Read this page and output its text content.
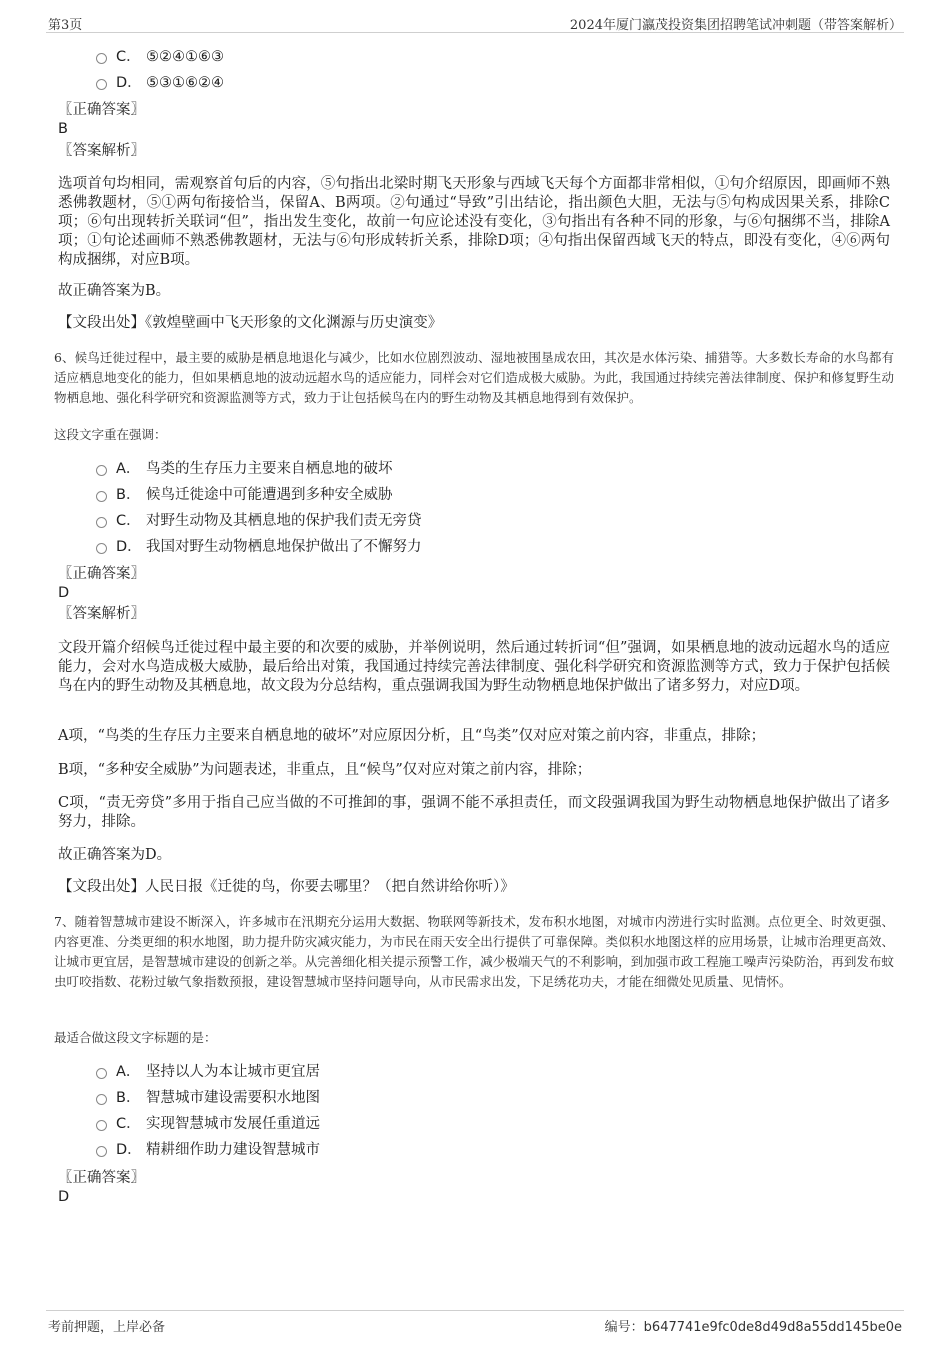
第3页	2024年厦门瀛茂投资集团招聘笔试冲刺题（带答案解析）
C． ⑤②④①⑥③
D． ⑤③①⑥②④
〖正确答案〗
B
〖答案解析〗
选项首句均相同，需观察首句后的内容，⑤句指出北梁时期飞天形象与西域飞天每个方面都非常相似，①句介绍原因，即画师不熟悉佛教题材，⑤①两句衔接恰当，保留A、B两项。②句通过“导致”引出结论，指出颜色大胆，无法与⑤句构成因果关系，排除C项；⑥句出现转折关联词“但”，指出发生变化，故前一句应论述没有变化，③句指出有各种不同的形象，与⑥句捆绑不当，排除A项；①句论述画师不熟悉佛教题材，无法与⑥句形成转折关系，排除D项；④句指出保留西域飞天的特点，即没有变化，④⑥两句构成捆绑，对应B项。
故正确答案为B。
【文段出处】《敦煌壁画中飞天形象的文化渊源与历史演变》
6、候鸟迁徙过程中，最主要的威胁是栖息地退化与减少，比如水位剧烈波动、湿地被围垦成农田，其次是水体污染、捕猎等。大多数长寿命的水鸟都有适应栖息地变化的能力，但如果栖息地的波动远超水鸟的适应能力，同样会对它们造成极大威胁。为此，我国通过持续完善法律制度、保护和修复野生动物栖息地、强化科学研究和资源监测等方式，致力于让包括候鸟在内的野生动物及其栖息地得到有效保护。
这段文字重在强调：
A． 鸟类的生存压力主要来自栖息地的破坏
B． 候鸟迁徙途中可能遭遇到多种安全威胁
C． 对野生动物及其栖息地的保护我们责无旁贷
D． 我国对野生动物栖息地保护做出了不懈努力
〖正确答案〗
D
〖答案解析〗
文段开篇介绍候鸟迁徙过程中最主要的和次要的威胁，并举例说明，然后通过转折词“但”强调，如果栖息地的波动远超水鸟的适应能力，会对水鸟造成极大威胁，最后给出对策，我国通过持续完善法律制度、强化科学研究和资源监测等方式，致力于保护包括候鸟在内的野生动物及其栖息地，故文段为分总结构，重点强调我国为野生动物栖息地保护做出了诸多努力，对应D项。
A项，“鸟类的生存压力主要来自栖息地的破坏”对应原因分析，且“鸟类”仅对应对策之前内容，非重点，排除；
B项，“多种安全威胁”为问题表述，非重点，且“候鸟”仅对应对策之前内容，排除；
C项，“责无旁贷”多用于指自己应当做的不可推卸的事，强调不能不承担责任，而文段强调我国为野生动物栖息地保护做出了诸多努力，排除。
故正确答案为D。
【文段出处】人民日报《迁徙的鸟，你要去哪里？（把自然讲给你听）》
7、随着智慧城市建设不断深入，许多城市在汛期充分运用大数据、物联网等新技术，发布积水地图，对城市内涝进行实时监测。点位更全、时效更强、内容更准、分类更细的积水地图，助力提升防灾减灾能力，为市民在雨天安全出行提供了可靠保障。类似积水地图这样的应用场景，让城市治理更高效、让城市更宜居，是智慧城市建设的创新之举。从完善细化相关提示预警工作，减少极端天气的不利影响，到加强市政工程施工噪声污染防治，再到发布蚊虫叮咬指数、花粉过敏气象指数预报，建设智慧城市坚持问题导向，从市民需求出发，下足绣花功夫，才能在细微处见质量、见情怀。
最适合做这段文字标题的是：
A． 坚持以人为本让城市更宜居
B． 智慧城市建设需要积水地图
C． 实现智慧城市发展任重道远
D． 精耕细作助力建设智慧城市
〖正确答案〗
D
考前押题，上岸必备	编号：b647741e9fc0de8d49d8a55dd145be0e
